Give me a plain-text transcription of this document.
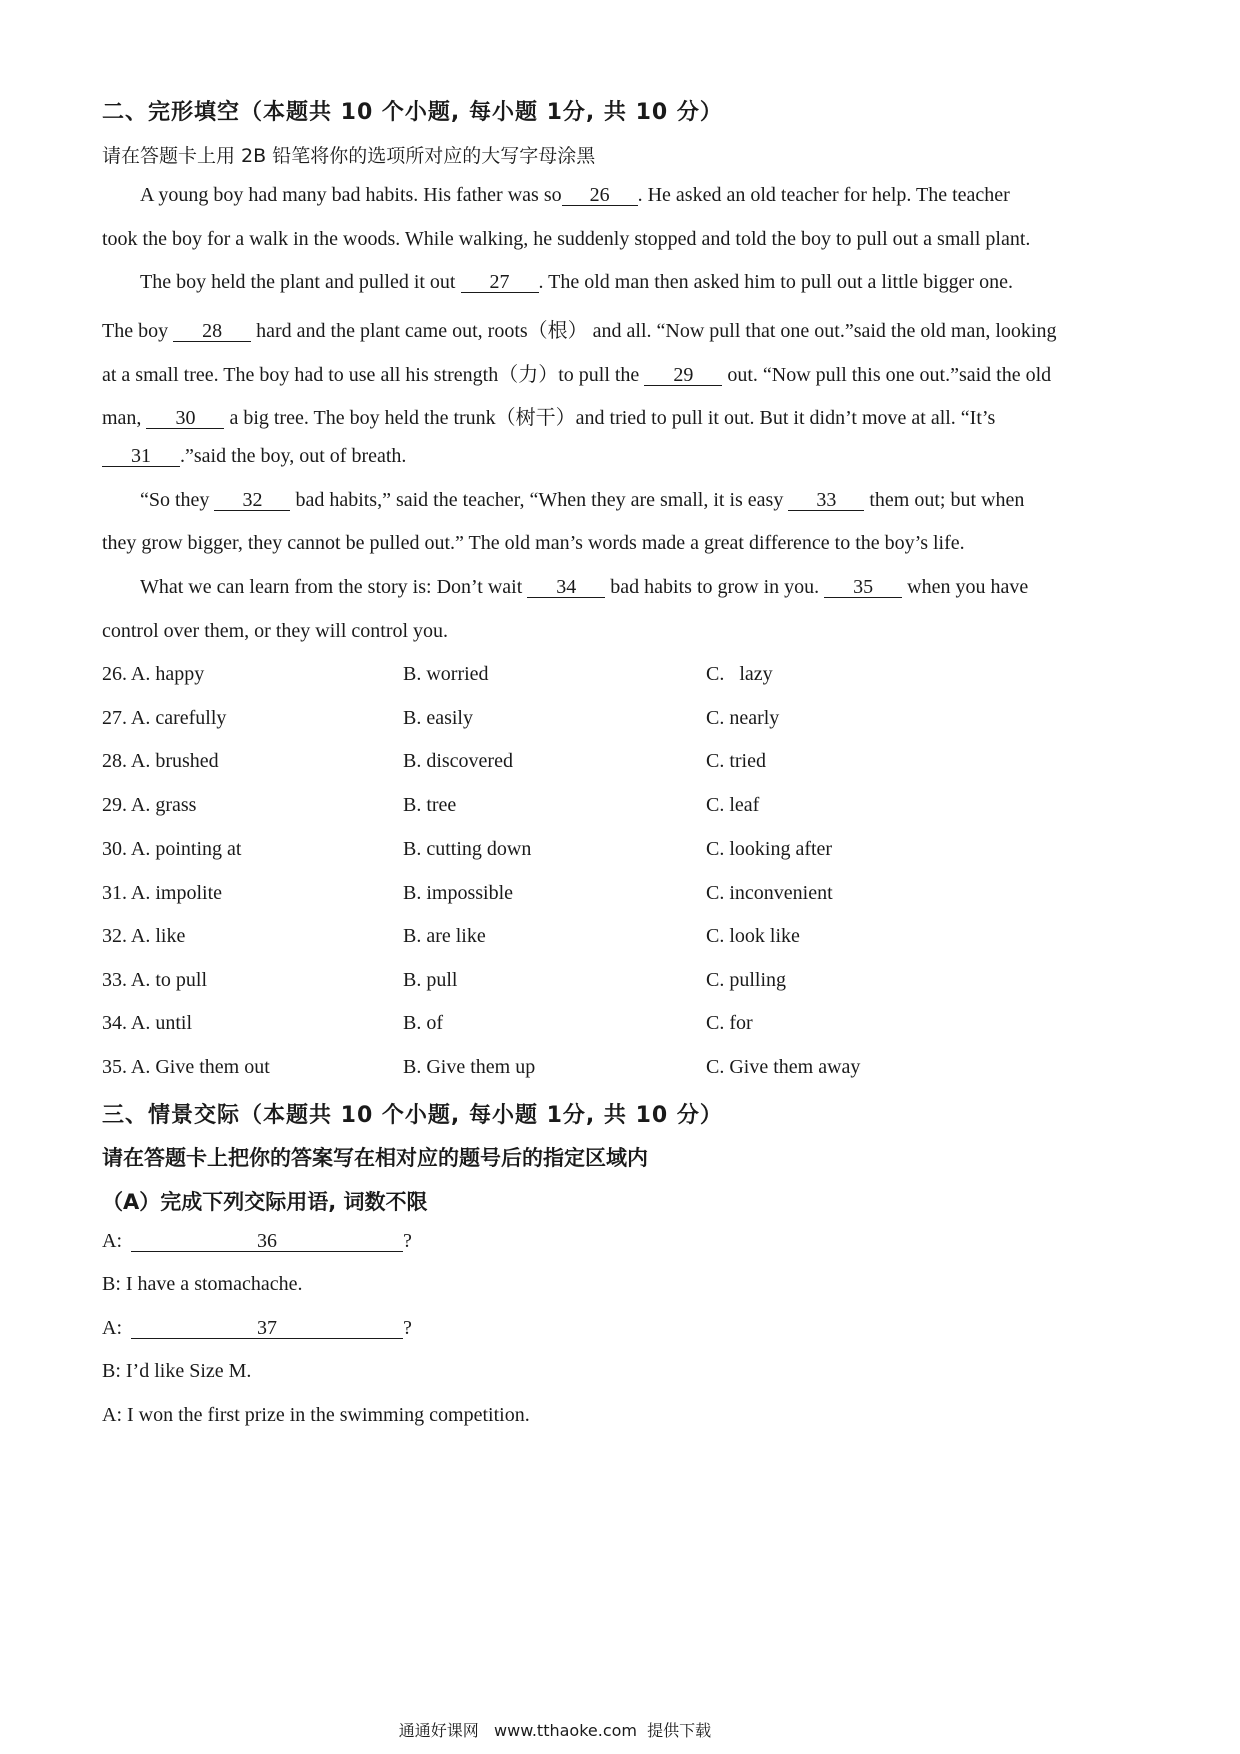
二、完形填空（本题共 10 个小题, 每小题 1分, 共 10 分）
请在答题卡上用 2B 铅笔将你的选项所对应的大写字母涂黑
A young boy had many bad habits. His father was so 26 . He asked an old teacher for help. The teacher
took the boy for a walk in the woods. While walking, he suddenly stopped and told the boy to pull out a small plant.
The boy held the plant and pulled it out 27 . The old man then asked him to pull out a little bigger one.
The boy 28 hard and the plant came out, roots（根） and all. “Now pull that one out.”said the old man, looking
at a small tree. The boy had to use all his strength（力）to pull the 29 out. “Now pull this one out.”said the old
man, 30 a big tree. The boy held the trunk（树干）and tried to pull it out. But it didn’t move at all. “It’s
31 .”said the boy, out of breath.
“So they 32 bad habits,” said the teacher, “When they are small, it is easy 33 them out; but when
they grow bigger, they cannot be pulled out.” The old man’s words made a great difference to the boy’s life.
What we can learn from the story is: Don’t wait 34 bad habits to grow in you. 35 when you have
control over them, or they will control you.
26. A. happy	B. worried	C.   lazy
27. A. carefully	B. easily	C. nearly
28. A. brushed	B. discovered	C. tried
29. A. grass	B. tree	C. leaf
30. A. pointing at	B. cutting down	C. looking after
31. A. impolite	B. impossible	C. inconvenient
32. A. like	B. are like	C. look like
33. A. to pull	B. pull	C. pulling
34. A. until	B. of	C. for
35. A. Give them out	B. Give them up	C. Give them away
三、情景交际（本题共 10 个小题, 每小题 1分, 共 10 分）
请在答题卡上把你的答案写在相对应的题号后的指定区域内
（A）完成下列交际用语, 词数不限
A:	36	?
B: I have a stomachache.
A:	37	?
B: I’d like Size M.
A: I won the first prize in the swimming competition.
通通好课网   www.tthaoke.com  提供下载
